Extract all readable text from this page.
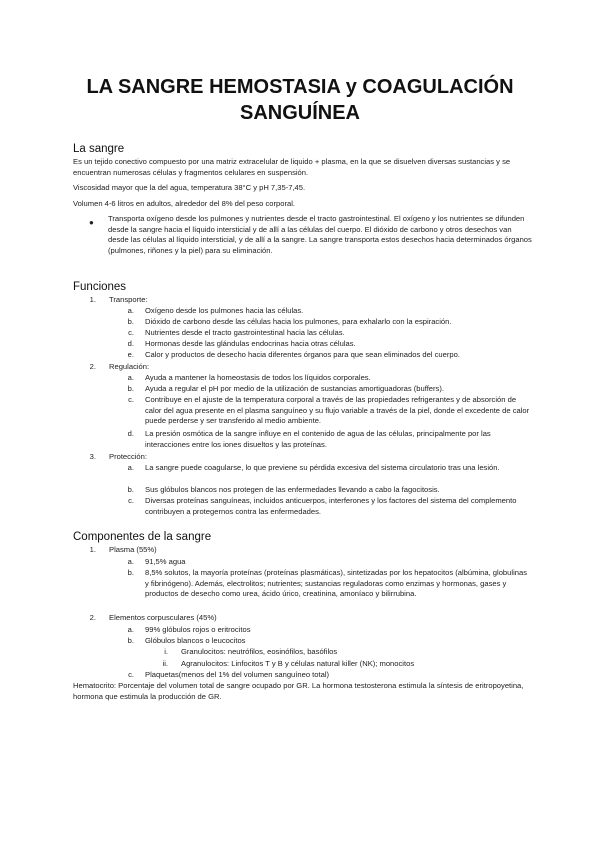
LA SANGRE HEMOSTASIA y COAGULACIÓN
SANGUÍNEA
La sangre
Es un tejido conectivo compuesto por una matriz extracelular de liquido + plasma, en la que se disuelven diversas sustancias y se encuentran numerosas células y fragmentos celulares en suspensión.
Viscosidad mayor que la del agua, temperatura 38°C y pH 7,35-7,45.
Volumen 4-6 litros en adultos, alrededor del 8% del peso corporal.
● Transporta oxígeno desde los pulmones y nutrientes desde el tracto gastrointestinal. El oxígeno y los nutrientes se difunden desde la sangre hacia el líquido intersticial y de allí a las células del cuerpo. El dióxido de carbono y otros desechos van desde las células al líquido intersticial, y de allí a la sangre. La sangre transporta estos desechos hacia determinados órganos (pulmones, riñones y la piel) para su eliminación.
Funciones
1. Transporte:
a. Oxígeno desde los pulmones hacia las células.
b. Dióxido de carbono desde las células hacia los pulmones, para exhalarlo con la espiración.
c. Nutrientes desde el tracto gastrointestinal hacia las células.
d. Hormonas desde las glándulas endocrinas hacia otras células.
e. Calor y productos de desecho hacia diferentes órganos para que sean eliminados del cuerpo.
2. Regulación:
a. Ayuda a mantener la homeostasis de todos los líquidos corporales.
b. Ayuda a regular el pH por medio de la utilización de sustancias amortiguadoras (buffers).
c. Contribuye en el ajuste de la temperatura corporal a través de las propiedades refrigerantes y de absorción de calor del agua presente en el plasma sanguíneo y su flujo variable a través de la piel, donde el excedente de calor puede perderse y ser transferido al medio ambiente.
d. La presión osmótica de la sangre influye en el contenido de agua de las células, principalmente por las interacciones entre los iones disueltos y las proteínas.
3. Protección:
a. La sangre puede coagularse, lo que previene su pérdida excesiva del sistema circulatorio tras una lesión.
b. Sus glóbulos blancos nos protegen de las enfermedades llevando a cabo la fagocitosis.
c. Diversas proteínas sanguíneas, incluidos anticuerpos, interferones y los factores del sistema del complemento contribuyen a protegernos contra las enfermedades.
Componentes de la sangre
1. Plasma (55%)
a. 91,5% agua
b. 8,5% solutos, la mayoría proteínas (proteínas plasmáticas), sintetizadas por los hepatocitos (albúmina, globulinas y fibrinógeno). Además, electrolitos; nutrientes; sustancias reguladoras como enzimas y hormonas, gases y productos de desecho como urea, ácido úrico, creatinina, amoníaco y bilirrubina.
2. Elementos corpusculares (45%)
a. 99% glóbulos rojos o eritrocitos
b. Glóbulos blancos o leucocitos
i. Granulocitos: neutrófilos, eosinófilos, basófilos
ii. Agranulocitos: Linfocitos T y B y células natural killer (NK); monocitos
c. Plaquetas(menos del 1% del volumen sanguíneo total)
Hematocrito: Porcentaje del volumen total de sangre ocupado por GR. La hormona testosterona estimula la síntesis de eritropoyetina, hormona que estimula la producción de GR.
